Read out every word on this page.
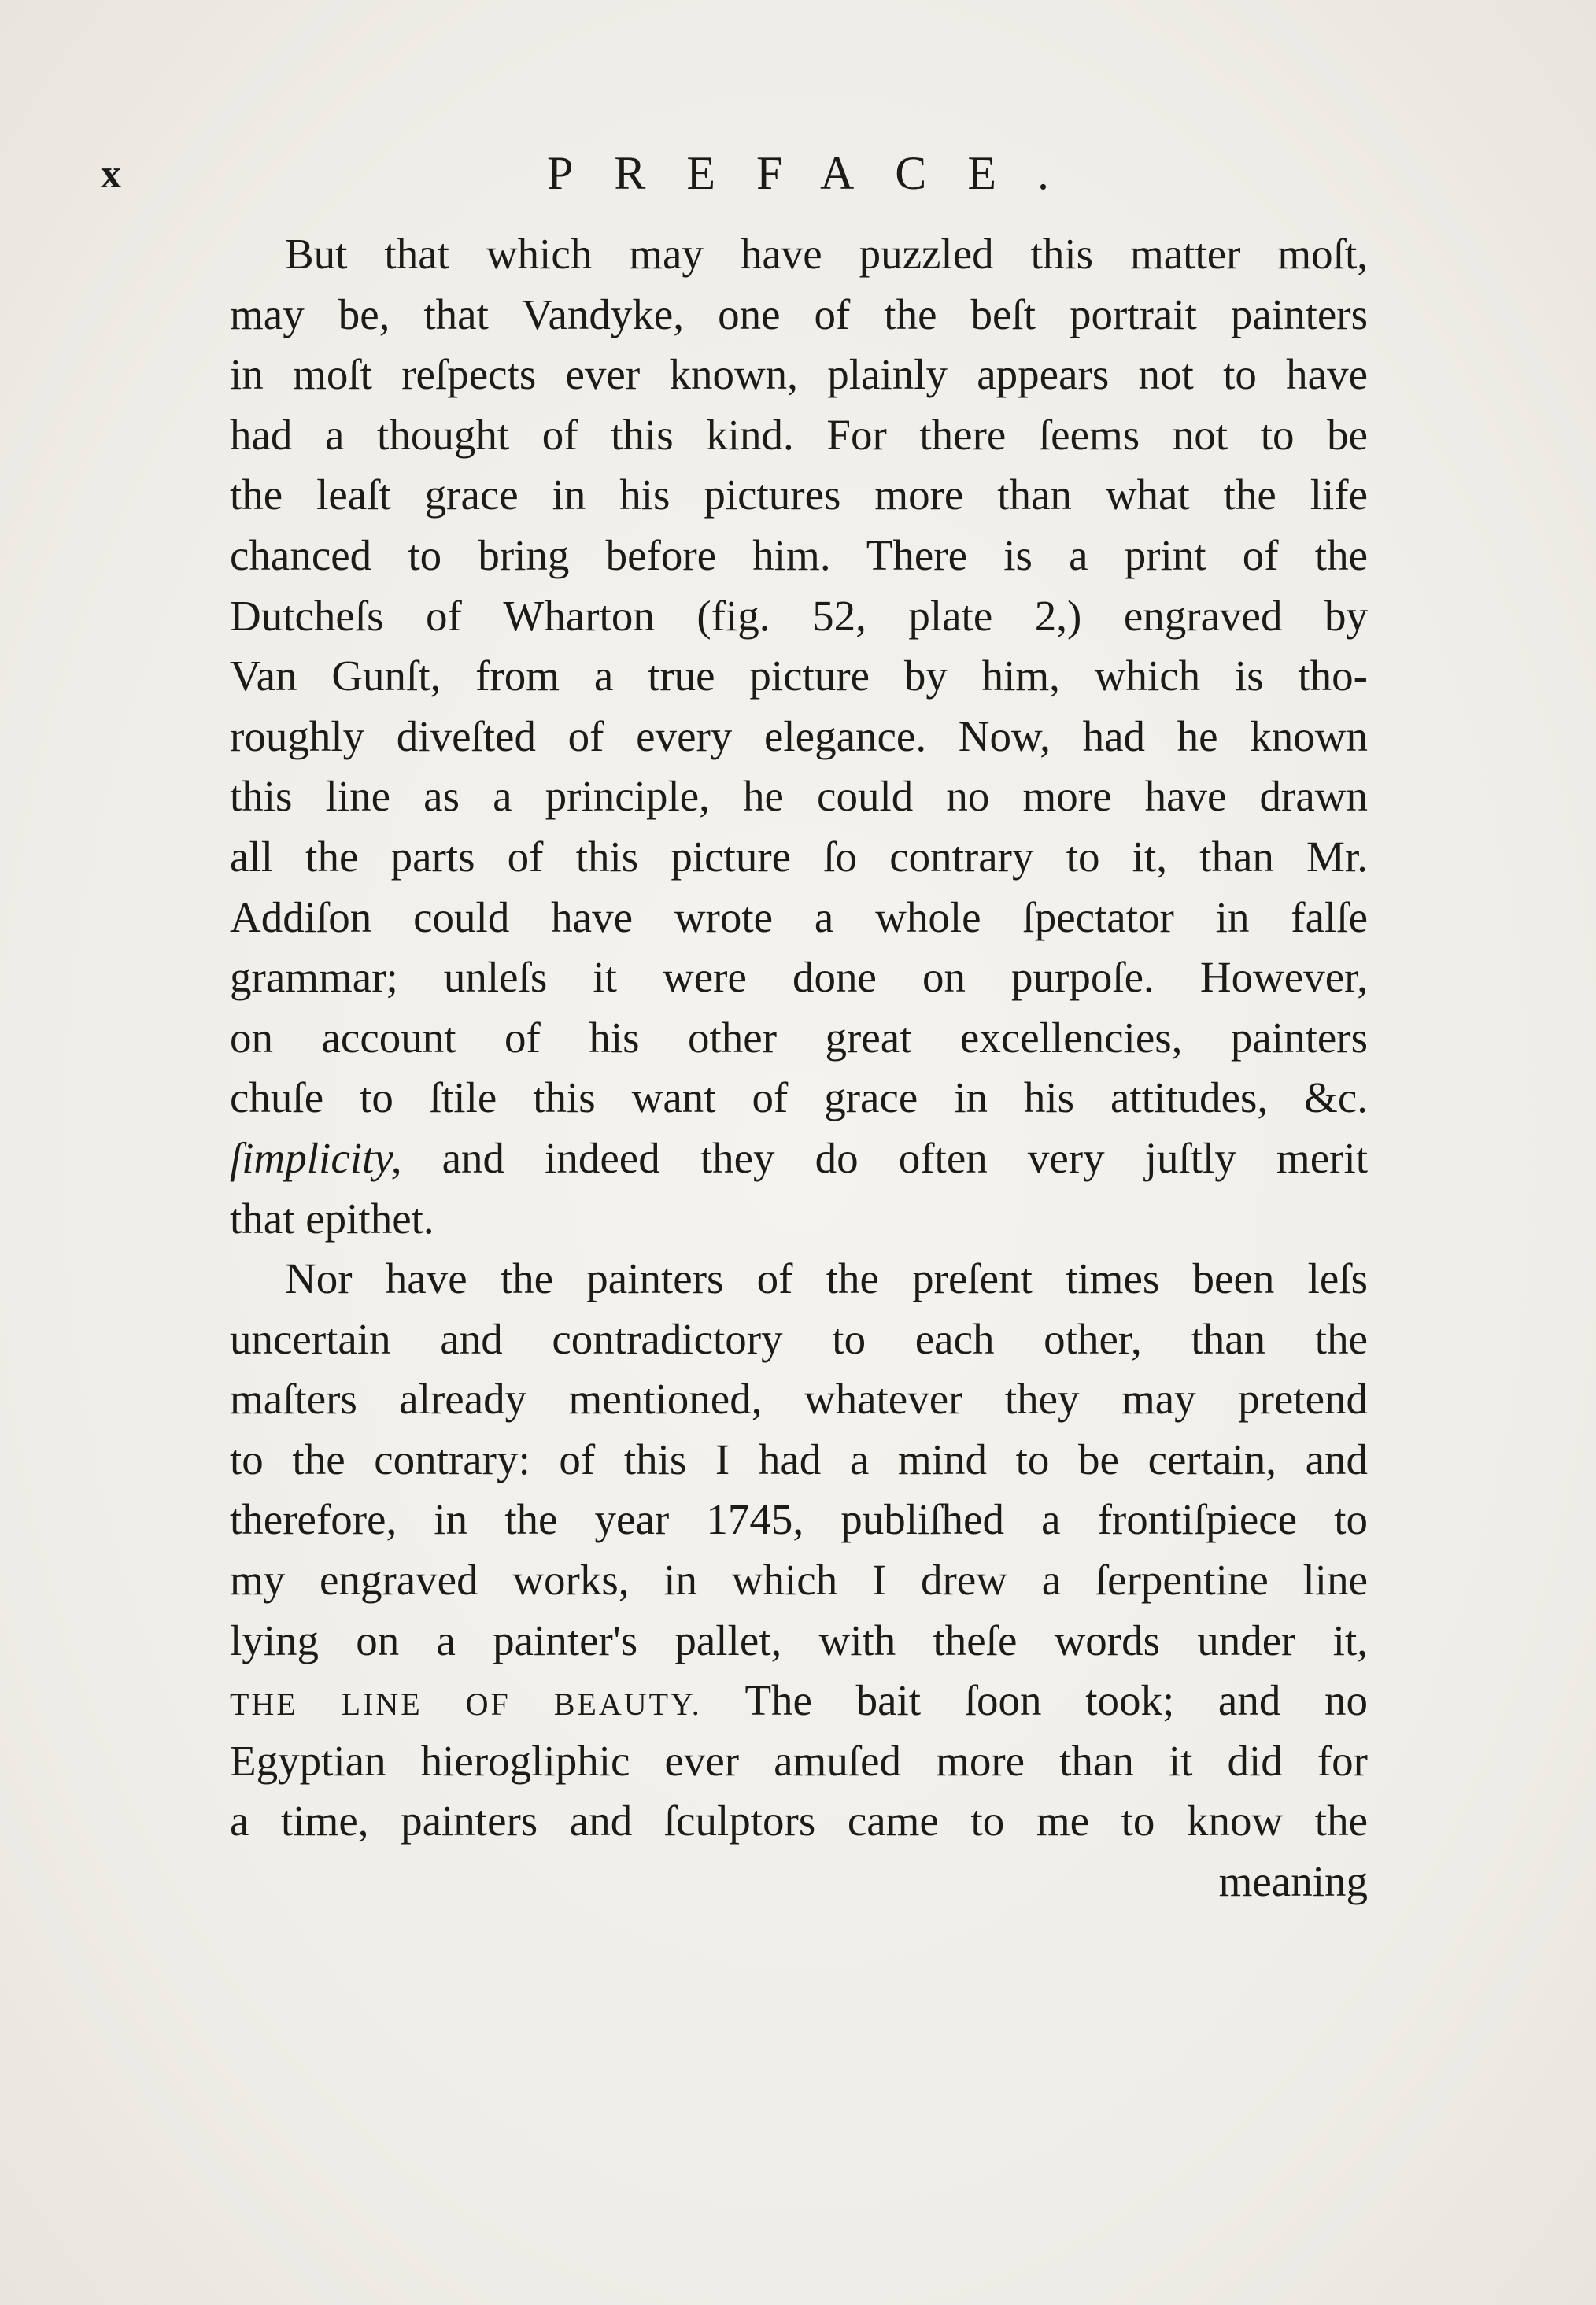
x	PREFACE.
But that which may have puzzled this matter moſt,
may be, that Vandyke, one of the beſt portrait painters
in moſt reſpects ever known, plainly appears not to have
had a thought of this kind. For there ſeems not to be
the leaſt grace in his pictures more than what the life
chanced to bring before him. There is a print of the
Dutcheſs of Wharton (fig. 52, plate 2,) engraved by
Van Gunſt, from a true picture by him, which is tho-
roughly diveſted of every elegance. Now, had he known
this line as a principle, he could no more have drawn
all the parts of this picture ſo contrary to it, than Mr.
Addiſon could have wrote a whole ſpectator in falſe
grammar; unleſs it were done on purpoſe. However,
on account of his other great excellencies, painters
chuſe to ſtile this want of grace in his attitudes, &c.
ſimplicity, and indeed they do often very juſtly merit
that epithet.
Nor have the painters of the preſent times been leſs
uncertain and contradictory to each other, than the
maſters already mentioned, whatever they may pretend
to the contrary: of this I had a mind to be certain, and
therefore, in the year 1745, publiſhed a frontiſpiece to
my engraved works, in which I drew a ſerpentine line
lying on a painter's pallet, with theſe words under it,
THE LINE OF BEAUTY. The bait ſoon took; and no
Egyptian hierogliphic ever amuſed more than it did for
a time, painters and ſculptors came to me to know the
meaning
